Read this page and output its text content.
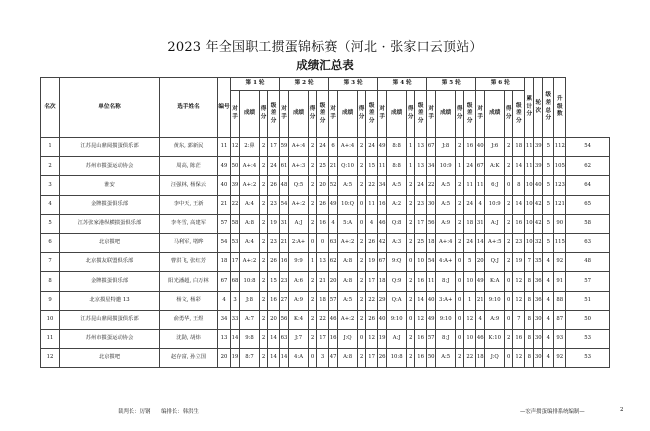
2023 年全国职工掼蛋锦标赛（河北 · 张家口云顶站）
成绩汇总表
名次	单位名称	选手姓名	编号	第 1 轮				第 2 轮				第 3 轮				第 4 轮				第 5 轮				第 6 轮				累计分	轮次	级差总分	升级数	
				对手	成绩	得分	级差分	对手	成绩	得分	级差分	对手	成绩	得分	级差分	对手	成绩	得分	级差分	对手	成绩	得分	级差分	对手	成绩	得分	级差分					
1	江苏昆山鼎阅掼蛋俱乐部	黄东, 郭新民	11	12	2:鼻	2	17	59	A+:4	2	24	6	A+:4	2	24	49	8:8	1	13	67	J:8	2	16	40	J:6	2	18	11	39	5	112	54
2	苏州市掼蛋运动协会	周高, 陈茫	49	50	A+:4	2	24	61	A+:3	2	25	21	Q:10	2	15	11	8:8	1	13	34	10:9	1	24	67	A:K	2	14	11	39	5	105	62
3	淮安	汪强林, 杨保云	40	39	A+:2	2	26	48	Q:5	2	20	52	A:5	2	22	34	A:5	2	24	22	A:5	2	11	11	6:J	0	8	10	40	5	123	64
4	金牌掼蛋俱乐部	李中天, 王新	21	22	A:4	2	23	54	A+:2	2	26	49	10:Q	0	11	16	A:2	2	23	30	A:5	2	24	4	10:9	2	14	10	42	5	121	65
5	江苏张家港纵横掼蛋俱乐部	李冬雪, 高建军	57	58	A:8	2	19	31	A:J	2	16	4	5:A	0	4	46	Q:8	2	17	56	A:9	2	18	31	A:J	2	16	10	42	5	90	58
6	北京掼吧	马利军, 堵晔	54	53	A:4	2	23	21	2:A+	0	0	63	A+:2	2	26	42	A:3	2	25	18	A+:4	2	24	14	A+:5	2	23	10	32	5	115	63
7	北京掼友联盟俱乐部	曹洪飞, 张红芳	18	17	A+:2	2	26	16	9:9	1	13	62	A:8	2	19	67	9:Q	0	10	54	4:A+	0	5	20	Q:J	2	19	7	35	4	92	48
8	金牌掼蛋俱乐部	阳光潘超, 白万林	67	68	10:8	2	15	23	A:6	2	21	20	A:8	2	17	18	Q:9	2	16	11	8:J	0	10	49	K:A	0	12	8	36	4	91	57
9	北京摸星特邀 13	杨文, 杨彩	4	3	J:8	2	16	27	A:9	2	18	57	A:5	2	22	29	Q:A	2	14	40	3:A+	0	1	21	9:10	0	12	8	36	4	88	51
10	江苏昆山鼎阅掼蛋俱乐部	俞勇华, 王煜	34	33	A:7	2	20	56	K:4	2	22	46	A+:2	2	26	40	9:10	0	12	49	9:10	0	12	4	A:9	0	7	8	30	4	87	50
11	苏州市掼蛋运动协会	沈勋, 胡炜	13	14	9:8	2	14	63	J:7	2	17	16	J:Q	0	12	19	A:J	2	16	57	8:J	0	10	46	K:10	2	16	8	30	4	93	53
12	北京掼吧	赵存富, 孙立国	20	19	8:7	2	14	14	4:A	0	3	47	A:8	2	17	26	10:8	2	16	50	A:5	2	22	18	J:Q	0	12	8	30	4	92	53
裁判长：厉钢　　编排长：韩洪生	—宏声掼蛋编排系统编制—	2
